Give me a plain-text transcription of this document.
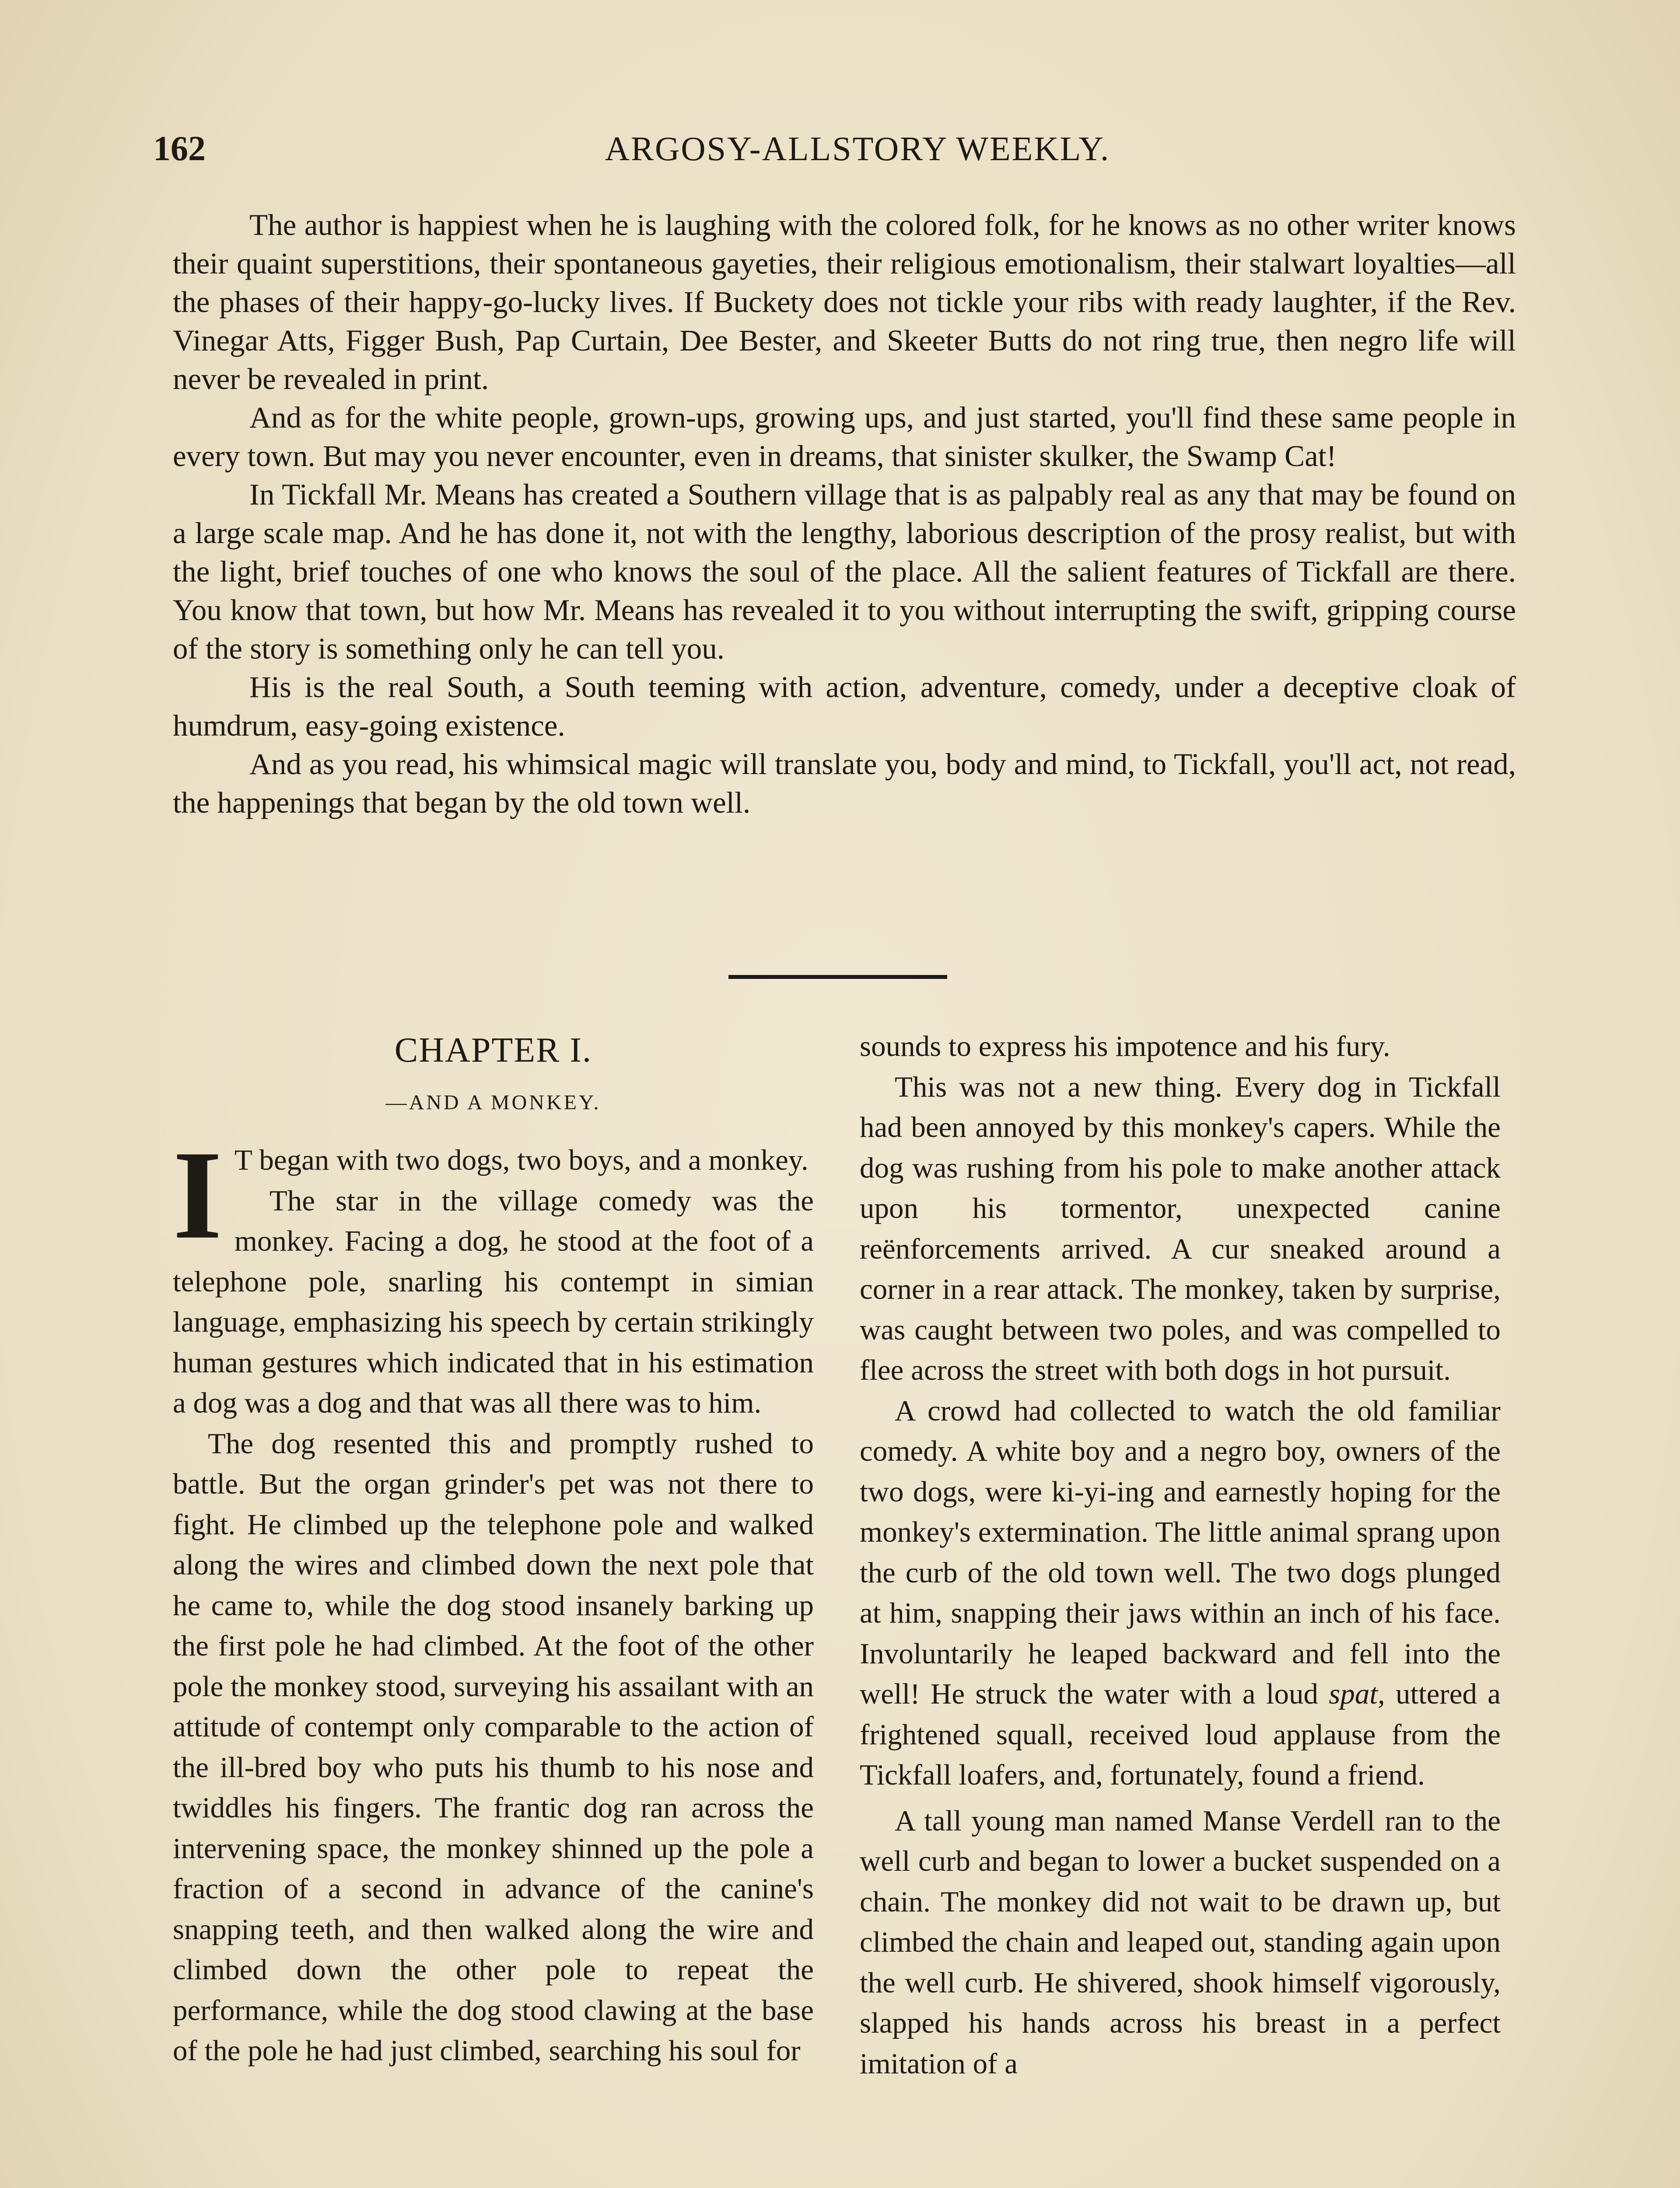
162	ARGOSY-ALLSTORY WEEKLY.

The author is happiest when he is laughing with the colored folk, for he knows as no other writer knows their quaint superstitions, their spontaneous gayeties, their religious emotionalism, their stalwart loyalties—all the phases of their happy-go-lucky lives. If Buckety does not tickle your ribs with ready laughter, if the Rev. Vinegar Atts, Figger Bush, Pap Curtain, Dee Bester, and Skeeter Butts do not ring true, then negro life will never be revealed in print.

And as for the white people, grown-ups, growing ups, and just started, you'll find these same people in every town. But may you never encounter, even in dreams, that sinister skulker, the Swamp Cat!

In Tickfall Mr. Means has created a Southern village that is as palpably real as any that may be found on a large scale map. And he has done it, not with the lengthy, laborious description of the prosy realist, but with the light, brief touches of one who knows the soul of the place. All the salient features of Tickfall are there. You know that town, but how Mr. Means has revealed it to you without interrupting the swift, gripping course of the story is something only he can tell you.

His is the real South, a South teeming with action, adventure, comedy, under a deceptive cloak of humdrum, easy-going existence.

And as you read, his whimsical magic will translate you, body and mind, to Tickfall, you'll act, not read, the happenings that began by the old town well.

CHAPTER I.
—AND A MONKEY.

I T began with two dogs, two boys, and a monkey.

The star in the village comedy was the monkey. Facing a dog, he stood at the foot of a telephone pole, snarling his contempt in simian language, emphasizing his speech by certain strikingly human gestures which indicated that in his estimation a dog was a dog and that was all there was to him.

The dog resented this and promptly rushed to battle. But the organ grinder's pet was not there to fight. He climbed up the telephone pole and walked along the wires and climbed down the next pole that he came to, while the dog stood insanely barking up the first pole he had climbed. At the foot of the other pole the monkey stood, surveying his assailant with an attitude of contempt only comparable to the action of the ill-bred boy who puts his thumb to his nose and twiddles his fingers. The frantic dog ran across the intervening space, the monkey shinned up the pole a fraction of a second in advance of the canine's snapping teeth, and then walked along the wire and climbed down the other pole to repeat the performance, while the dog stood clawing at the base of the pole he had just climbed, searching his soul for

sounds to express his impotence and his fury.

This was not a new thing. Every dog in Tickfall had been annoyed by this monkey's capers. While the dog was rushing from his pole to make another attack upon his tormentor, unexpected canine reënforcements arrived. A cur sneaked around a corner in a rear attack. The monkey, taken by surprise, was caught between two poles, and was compelled to flee across the street with both dogs in hot pursuit.

A crowd had collected to watch the old familiar comedy. A white boy and a negro boy, owners of the two dogs, were ki-yi-ing and earnestly hoping for the monkey's extermination. The little animal sprang upon the curb of the old town well. The two dogs plunged at him, snapping their jaws within an inch of his face. Involuntarily he leaped backward and fell into the well! He struck the water with a loud spat, uttered a frightened squall, received loud applause from the Tickfall loafers, and, fortunately, found a friend.

A tall young man named Manse Verdell ran to the well curb and began to lower a bucket suspended on a chain. The monkey did not wait to be drawn up, but climbed the chain and leaped out, standing again upon the well curb. He shivered, shook himself vigorously, slapped his hands across his breast in a perfect imitation of a
